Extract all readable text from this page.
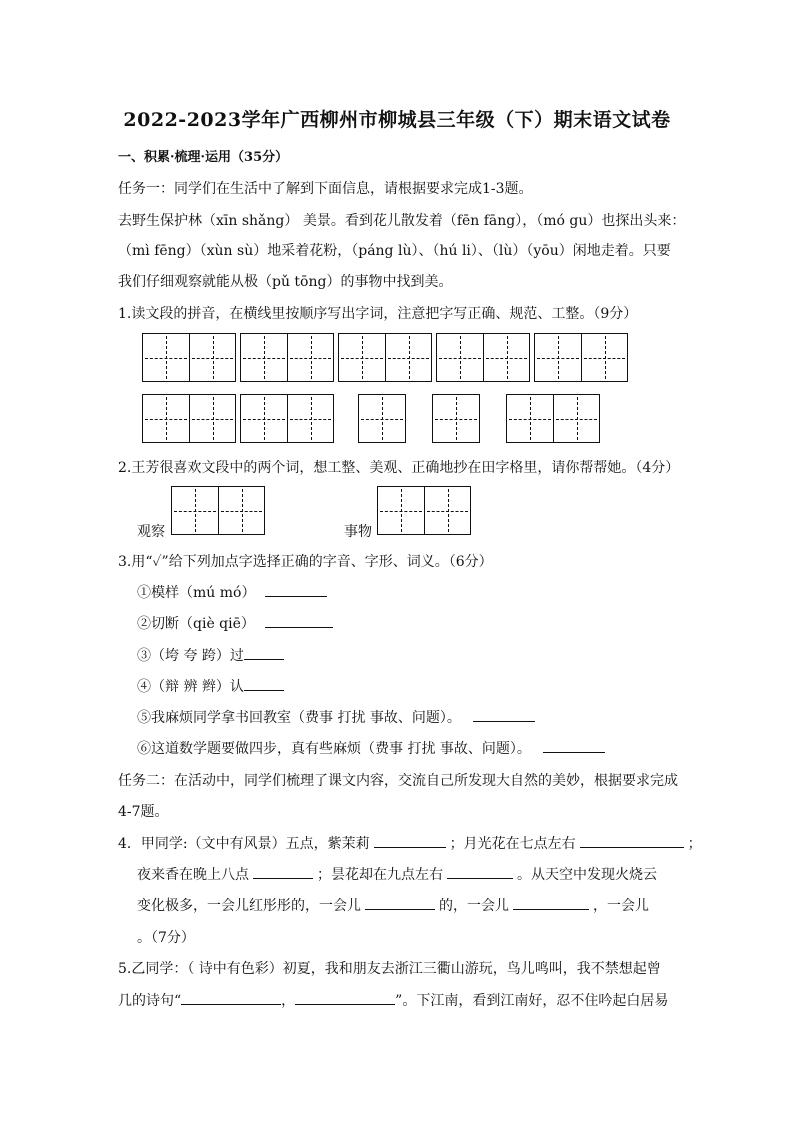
2022-2023学年广西柳州市柳城县三年级（下）期末语文试卷
一、积累·梳理·运用（35分）
任务一：同学们在生活中了解到下面信息，请根据要求完成1-3题。
去野生保护林（xīn shǎng） 美景。看到花儿散发着（fēn fāng），（mó gu）也探出头来：
（mì fēng）（xùn sù）地采着花粉，（páng lù）、（hú li）、（lù）（yōu）闲地走着。只要
我们仔细观察就能从极（pǔ tōng）的事物中找到美。
1.读文段的拼音，在横线里按顺序写出字词，注意把字写正确、规范、工整。（9分）
2.王芳很喜欢文段中的两个词，想工整、美观、正确地抄在田字格里，请你帮帮她。（4分）
观察	事物
3.用“✓”给下列加点字选择正确的字音、字形、词义。（6分）
①模样（mú mó）
②切断（qiè qiē）
③（垮 夸 跨）过
④（辩 辨 辫）认
⑤我麻烦同学拿书回教室（费事 打扰 事故、问题）。
⑥这道数学题要做四步，真有些麻烦（费事 打扰 事故、问题）。
任务二：在活动中，同学们梳理了课文内容，交流自己所发现大自然的美妙，根据要求完成
4-7题。
4．甲同学:（文中有风景）五点，紫茉莉	；月光花在七点左右	；
夜来香在晚上八点	；昙花却在九点左右	。从天空中发现火烧云
变化极多，一会儿红彤彤的，一会儿	的，一会儿	，一会儿
。（7分）
5.乙同学：（ 诗中有色彩）初夏，我和朋友去浙江三衢山游玩，鸟儿鸣叫，我不禁想起曾
几的诗句“	，	”。下江南，看到江南好，忍不住吟起白居易
